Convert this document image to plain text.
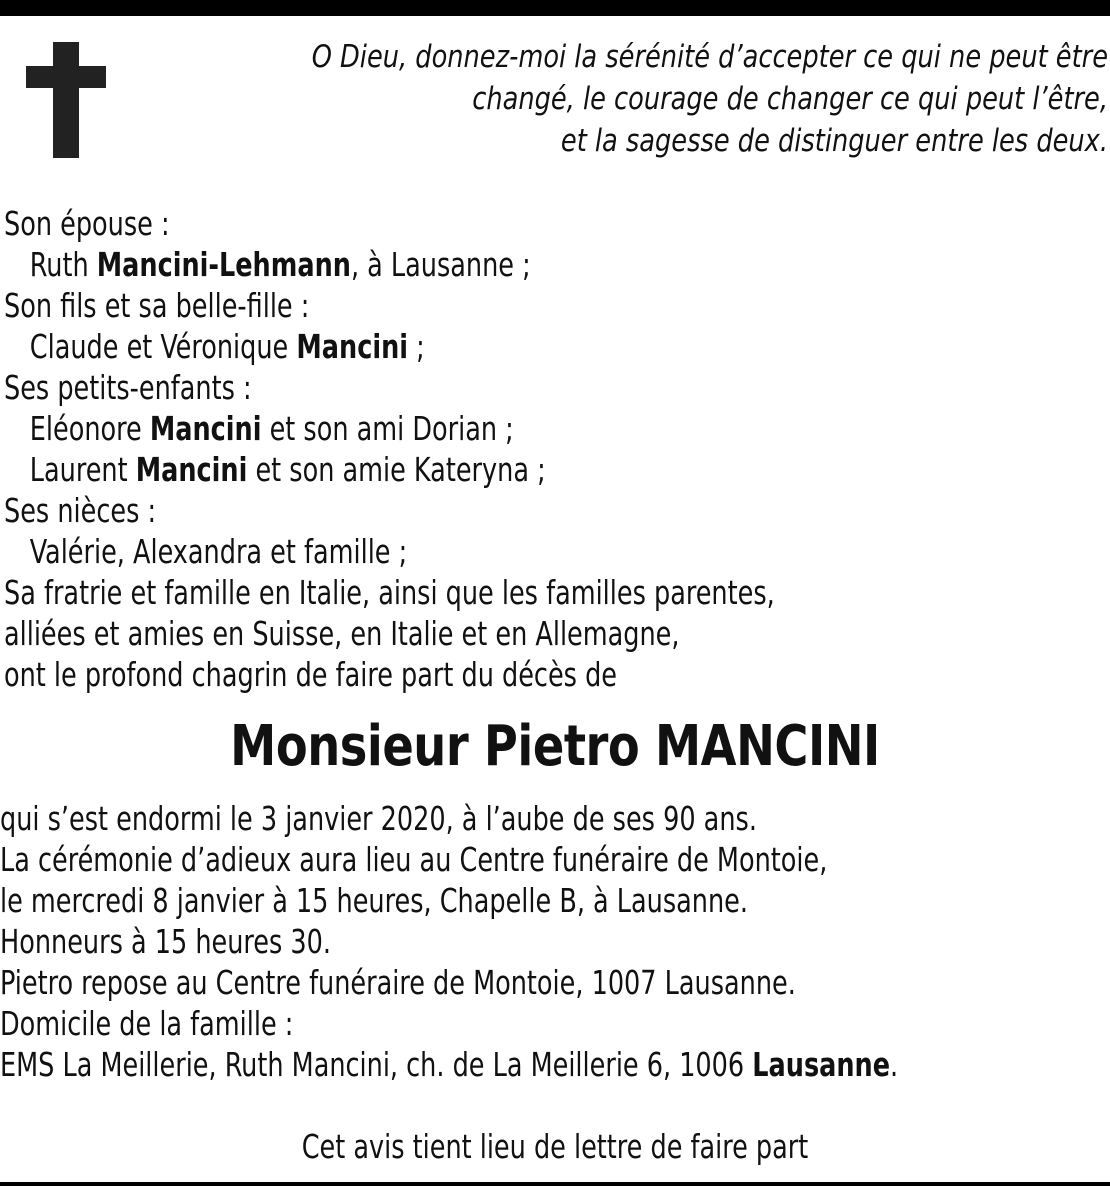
O Dieu, donnez-moi la sérénité d’accepter ce qui ne peut être
changé, le courage de changer ce qui peut l’être,
et la sagesse de distinguer entre les deux.
Son épouse :
Ruth Mancini-Lehmann, à Lausanne ;
Son fils et sa belle-fille :
Claude et Véronique Mancini ;
Ses petits-enfants :
Eléonore Mancini et son ami Dorian ;
Laurent Mancini et son amie Kateryna ;
Ses nièces :
Valérie, Alexandra et famille ;
Sa fratrie et famille en Italie, ainsi que les familles parentes,
alliées et amies en Suisse, en Italie et en Allemagne,
ont le profond chagrin de faire part du décès de
Monsieur Pietro MANCINI
qui s’est endormi le 3 janvier 2020, à l’aube de ses 90 ans.
La cérémonie d’adieux aura lieu au Centre funéraire de Montoie,
le mercredi 8 janvier à 15 heures, Chapelle B, à Lausanne.
Honneurs à 15 heures 30.
Pietro repose au Centre funéraire de Montoie, 1007 Lausanne.
Domicile de la famille :
EMS La Meillerie, Ruth Mancini, ch. de La Meillerie 6, 1006 Lausanne.
Cet avis tient lieu de lettre de faire part
